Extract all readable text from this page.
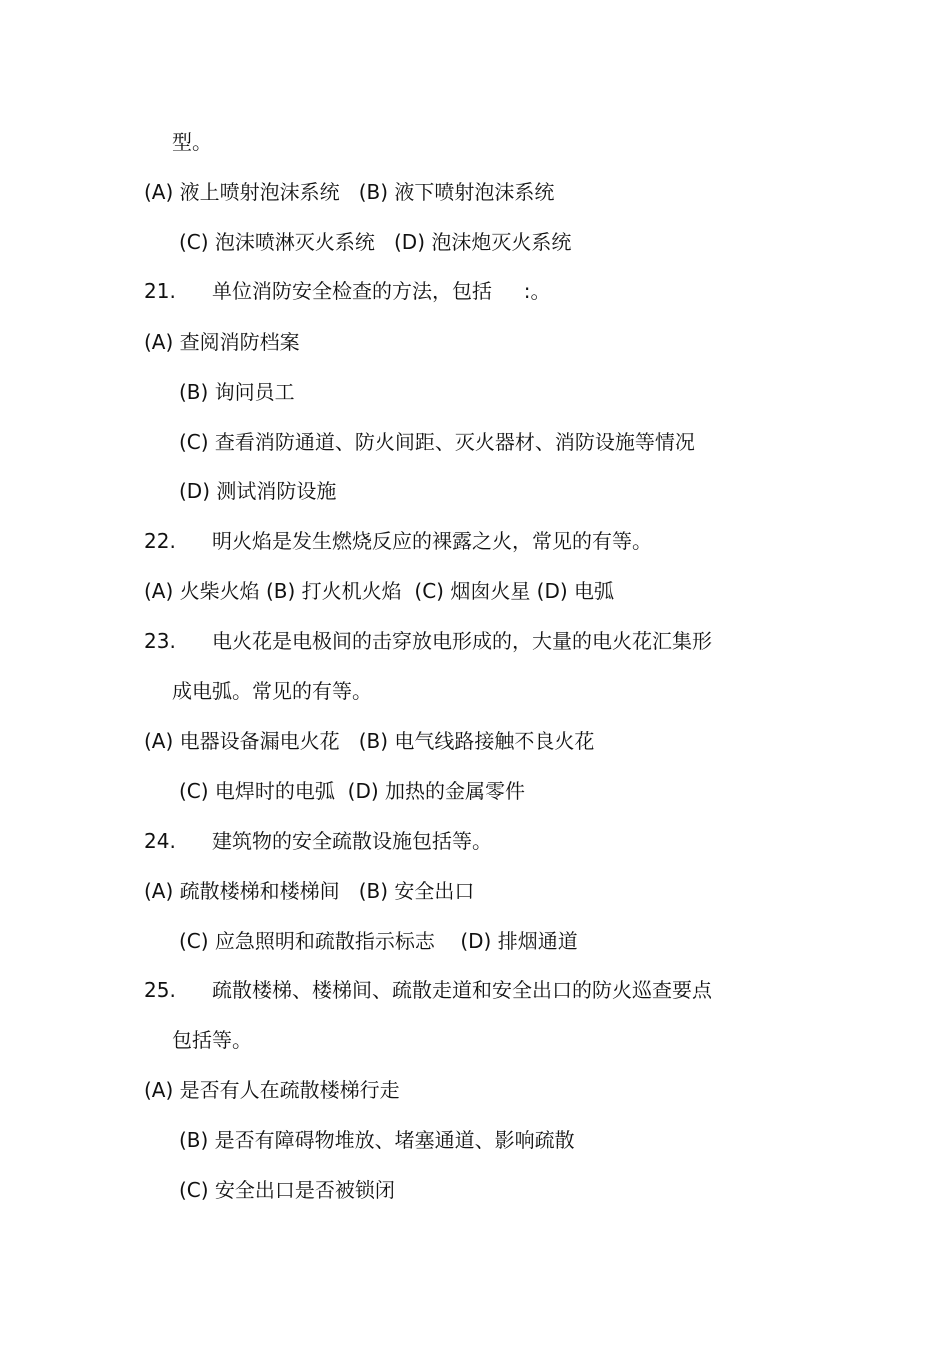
型。
(A) 液上喷射泡沫系统   (B) 液下喷射泡沫系统
(C) 泡沫喷淋灭火系统   (D) 泡沫炮灭火系统
21. 单位消防安全检查的方法，包括     :。
(A) 查阅消防档案
(B) 询问员工
(C) 查看消防通道、防火间距、灭火器材、消防设施等情况
(D) 测试消防设施
22. 明火焰是发生燃烧反应的裸露之火，常见的有等。
(A) 火柴火焰 (B) 打火机火焰  (C) 烟囱火星 (D) 电弧
23. 电火花是电极间的击穿放电形成的，大量的电火花汇集形
成电弧。常见的有等。
(A) 电器设备漏电火花   (B) 电气线路接触不良火花
(C) 电焊时的电弧  (D) 加热的金属零件
24. 建筑物的安全疏散设施包括等。
(A) 疏散楼梯和楼梯间   (B) 安全出口
(C) 应急照明和疏散指示标志    (D) 排烟通道
25. 疏散楼梯、楼梯间、疏散走道和安全出口的防火巡查要点
包括等。
(A) 是否有人在疏散楼梯行走
(B) 是否有障碍物堆放、堵塞通道、影响疏散
(C) 安全出口是否被锁闭
